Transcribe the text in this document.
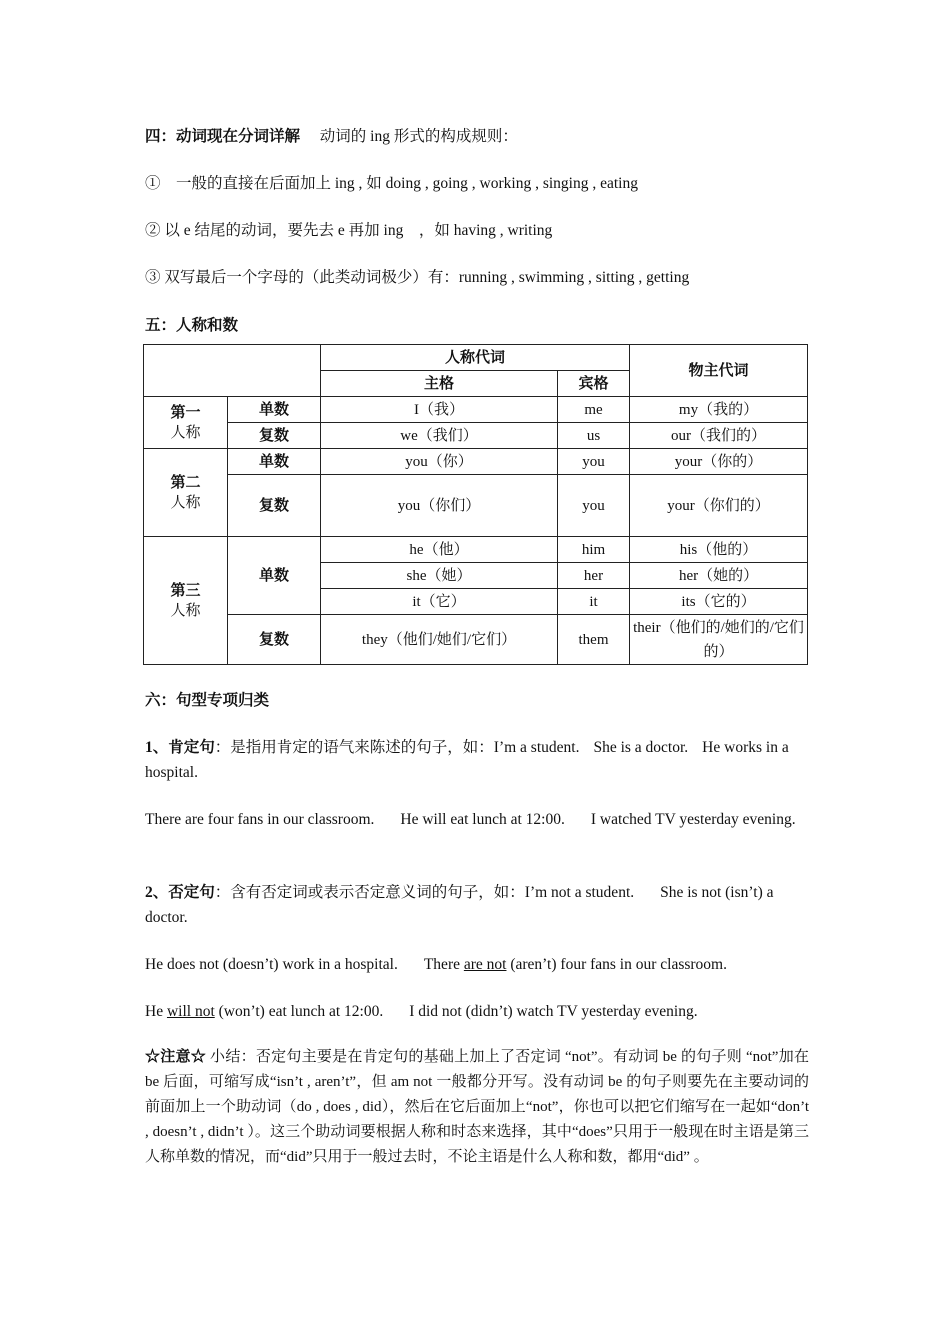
四：动词现在分词详解 动词的 ing 形式的构成规则：
①　一般的直接在后面加上 ing , 如 doing , going , working , singing , eating
② 以 e 结尾的动词，要先去 e 再加 ing　，如 having , writing
③ 双写最后一个字母的（此类动词极少）有：running , swimming , sitting , getting
五：人称和数
		人称代词		物主代词
		主格	宾格	

第一
人称	单数	I（我）	me	my（我的）
	复数	we（我们）	us	our（我们的）

第二
人称	单数	you（你）	you	your（你的）
	复数	you（你们）	you	your（你们的）

第三
人称	单数	he（他）	him	his（他的）
		she（她）	her	her（她的）
		it（它）	it	its（它的）
	复数	they（他们/她们/它们）	them	their（他们的/她们的/它们的）
六：句型专项归类
1、肯定句：是指用肯定的语气来陈述的句子，如：I’m a student. She is a doctor. He works in a hospital.
There are four fans in our classroom. He will eat lunch at 12:00. I watched TV yesterday evening.
2、否定句：含有否定词或表示否定意义词的句子，如：I’m not a student. She is not (isn’t) a doctor.
He does not (doesn’t) work in a hospital. There are not (aren’t) four fans in our classroom.
He will not (won’t) eat lunch at 12:00. I did not (didn’t) watch TV yesterday evening.
☆注意☆ 小结：否定句主要是在肯定句的基础上加上了否定词 “not”。有动词 be 的句子则 “not”加在 be 后面，可缩写成“isn’t , aren’t”，但 am not 一般都分开写。没有动词 be 的句子则要先在主要动词的前面加上一个助动词（do , does , did），然后在它后面加上“not”，你也可以把它们缩写在一起如“don’t , doesn’t , didn’t ）。这三个助动词要根据人称和时态来选择，其中“does”只用于一般现在时主语是第三人称单数的情况，而“did”只用于一般过去时，不论主语是什么人称和数，都用“did” 。
